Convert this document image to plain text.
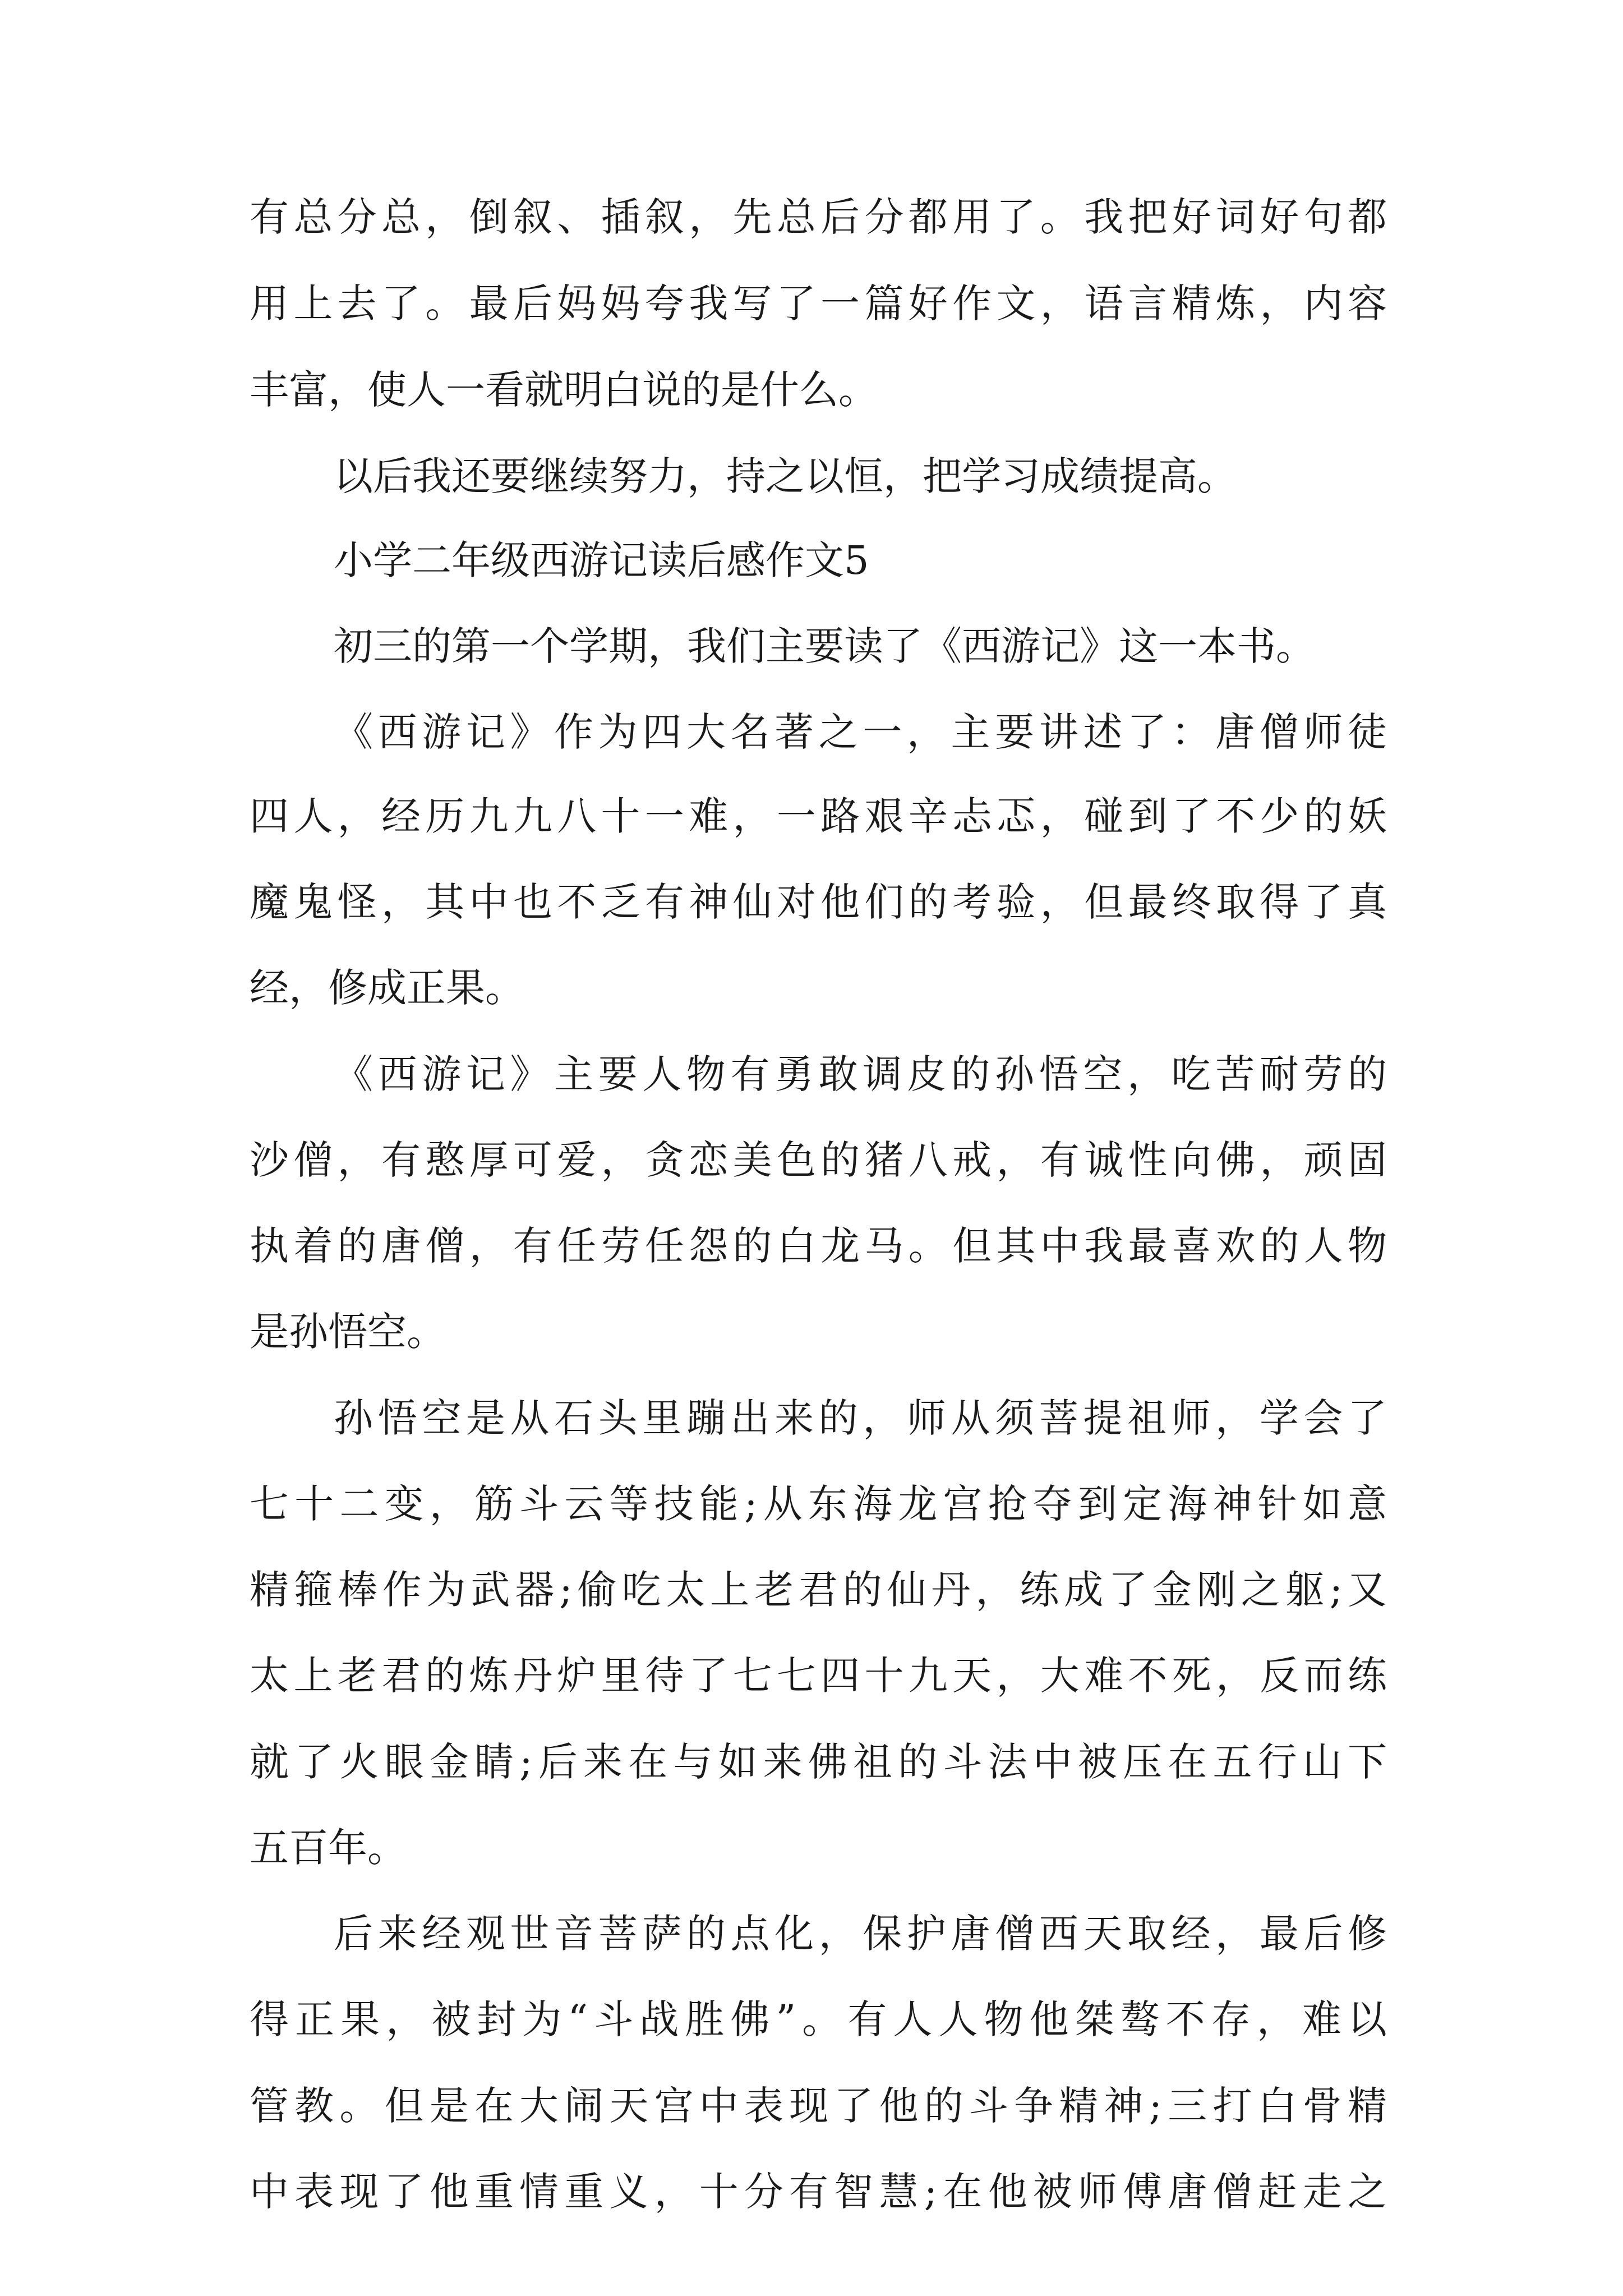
有总分总，倒叙、插叙，先总后分都用了。我把好词好句都
用上去了。最后妈妈夸我写了一篇好作文，语言精炼，内容
丰富，使人一看就明白说的是什么。
以后我还要继续努力，持之以恒，把学习成绩提高。
小学二年级西游记读后感作文5
初三的第一个学期，我们主要读了《西游记》这一本书。
《西游记》作为四大名著之一，主要讲述了：唐僧师徒
四人，经历九九八十一难，一路艰辛忐忑，碰到了不少的妖
魔鬼怪，其中也不乏有神仙对他们的考验，但最终取得了真
经，修成正果。
《西游记》主要人物有勇敢调皮的孙悟空，吃苦耐劳的
沙僧，有憨厚可爱，贪恋美色的猪八戒，有诚性向佛，顽固
执着的唐僧，有任劳任怨的白龙马。但其中我最喜欢的人物
是孙悟空。
孙悟空是从石头里蹦出来的，师从须菩提祖师，学会了
七十二变，筋斗云等技能;从东海龙宫抢夺到定海神针如意
精箍棒作为武器;偷吃太上老君的仙丹，练成了金刚之躯;又
太上老君的炼丹炉里待了七七四十九天，大难不死，反而练
就了火眼金睛;后来在与如来佛祖的斗法中被压在五行山下
五百年。
后来经观世音菩萨的点化，保护唐僧西天取经，最后修
得正果，被封为“斗战胜佛”。有人人物他桀骜不存，难以
管教。但是在大闹天宫中表现了他的斗争精神;三打白骨精
中表现了他重情重义，十分有智慧;在他被师傅唐僧赶走之
